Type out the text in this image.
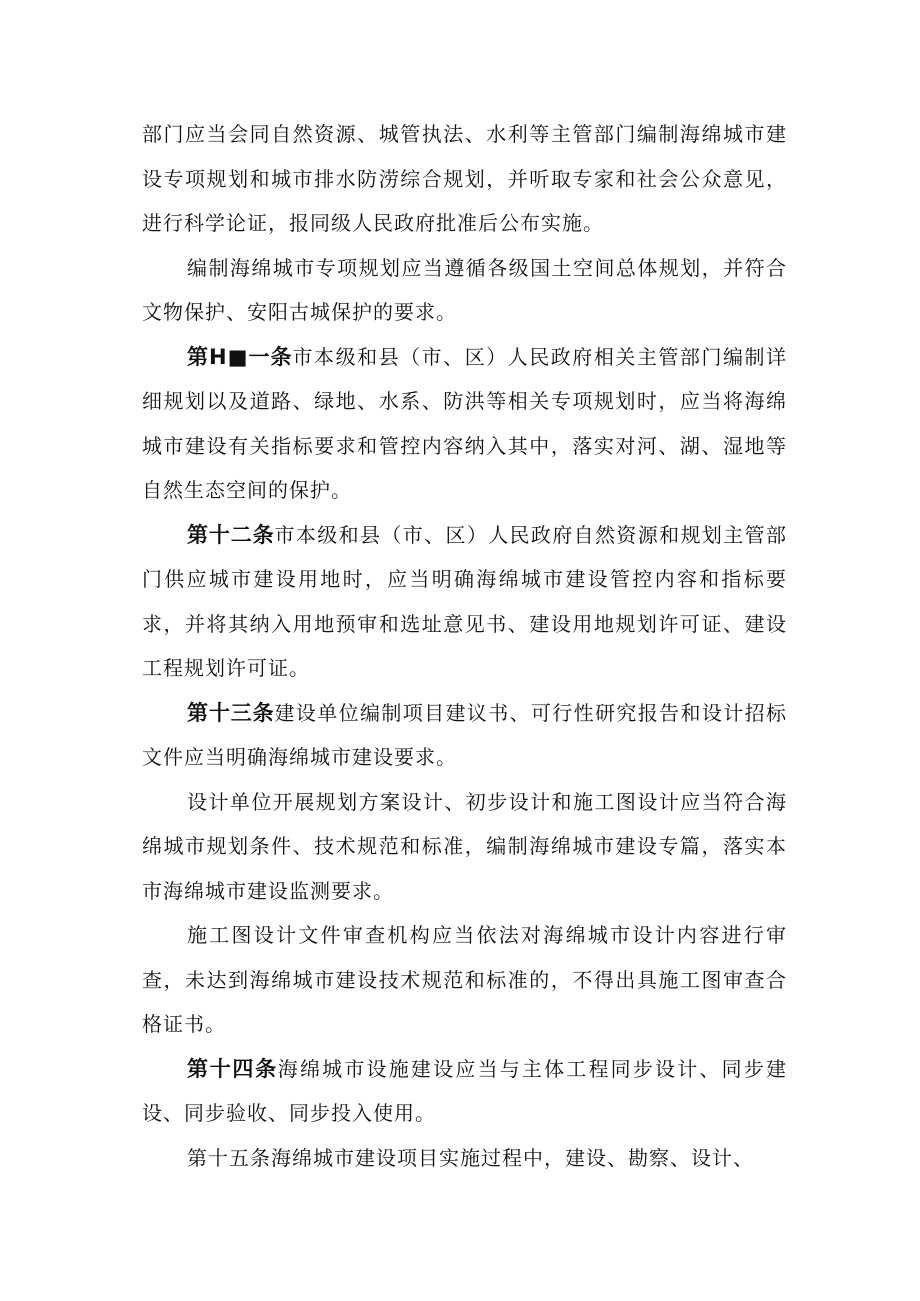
部门应当会同自然资源、城管执法、水利等主管部门编制海绵城市建设专项规划和城市排水防涝综合规划，并听取专家和社会公众意见，进行科学论证，报同级人民政府批准后公布实施。

编制海绵城市专项规划应当遵循各级国土空间总体规划，并符合文物保护、安阳古城保护的要求。

第H■一条市本级和县（市、区）人民政府相关主管部门编制详细规划以及道路、绿地、水系、防洪等相关专项规划时，应当将海绵城市建设有关指标要求和管控内容纳入其中，落实对河、湖、湿地等自然生态空间的保护。

第十二条市本级和县（市、区）人民政府自然资源和规划主管部门供应城市建设用地时，应当明确海绵城市建设管控内容和指标要求，并将其纳入用地预审和选址意见书、建设用地规划许可证、建设工程规划许可证。

第十三条建设单位编制项目建议书、可行性研究报告和设计招标文件应当明确海绵城市建设要求。

设计单位开展规划方案设计、初步设计和施工图设计应当符合海绵城市规划条件、技术规范和标准，编制海绵城市建设专篇，落实本市海绵城市建设监测要求。

施工图设计文件审查机构应当依法对海绵城市设计内容进行审查，未达到海绵城市建设技术规范和标准的，不得出具施工图审查合格证书。

第十四条海绵城市设施建设应当与主体工程同步设计、同步建设、同步验收、同步投入使用。

第十五条海绵城市建设项目实施过程中，建设、勘察、设计、
